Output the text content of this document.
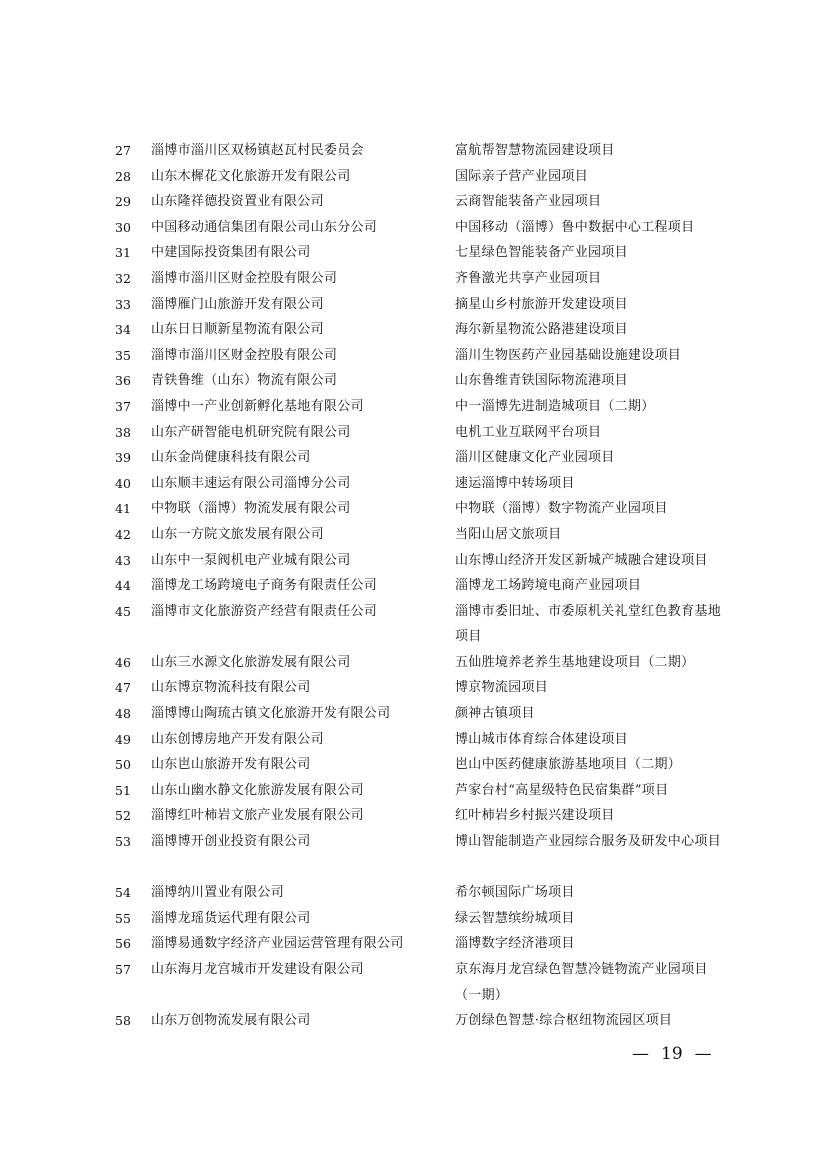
27	淄博市淄川区双杨镇赵瓦村民委员会	富航帮智慧物流园建设项目
28	山东木樨花文化旅游开发有限公司	国际亲子营产业园项目
29	山东隆祥德投资置业有限公司	云商智能装备产业园项目
30	中国移动通信集团有限公司山东分公司	中国移动（淄博）鲁中数据中心工程项目
31	中建国际投资集团有限公司	七星绿色智能装备产业园项目
32	淄博市淄川区财金控股有限公司	齐鲁激光共享产业园项目
33	淄博雁门山旅游开发有限公司	摘星山乡村旅游开发建设项目
34	山东日日顺新星物流有限公司	海尔新星物流公路港建设项目
35	淄博市淄川区财金控股有限公司	淄川生物医药产业园基础设施建设项目
36	青铁鲁维（山东）物流有限公司	山东鲁维青铁国际物流港项目
37	淄博中一产业创新孵化基地有限公司	中一淄博先进制造城项目（二期）
38	山东产研智能电机研究院有限公司	电机工业互联网平台项目
39	山东金尚健康科技有限公司	淄川区健康文化产业园项目
40	山东顺丰速运有限公司淄博分公司	速运淄博中转场项目
41	中物联（淄博）物流发展有限公司	中物联（淄博）数字物流产业园项目
42	山东一方院文旅发展有限公司	当阳山居文旅项目
43	山东中一泵阀机电产业城有限公司	山东博山经济开发区新城产城融合建设项目
44	淄博龙工场跨境电子商务有限责任公司	淄博龙工场跨境电商产业园项目
45	淄博市文化旅游资产经营有限责任公司	淄博市委旧址、市委原机关礼堂红色教育基地项目
46	山东三水源文化旅游发展有限公司	五仙胜境养老养生基地建设项目（二期）
47	山东博京物流科技有限公司	博京物流园项目
48	淄博博山陶琉古镇文化旅游开发有限公司	颜神古镇项目
49	山东创博房地产开发有限公司	博山城市体育综合体建设项目
50	山东岜山旅游开发有限公司	岜山中医药健康旅游基地项目（二期）
51	山东山幽水静文化旅游发展有限公司	芦家台村“高星级特色民宿集群”项目
52	淄博红叶柿岩文旅产业发展有限公司	红叶柿岩乡村振兴建设项目
53	淄博博开创业投资有限公司	博山智能制造产业园综合服务及研发中心项目
54	淄博纳川置业有限公司	希尔顿国际广场项目
55	淄博龙瑶货运代理有限公司	绿云智慧缤纷城项目
56	淄博易通数字经济产业园运营管理有限公司	淄博数字经济港项目
57	山东海月龙宫城市开发建设有限公司	京东海月龙宫绿色智慧冷链物流产业园项目（一期）
58	山东万创物流发展有限公司	万创绿色智慧·综合枢纽物流园区项目
— 19 —
